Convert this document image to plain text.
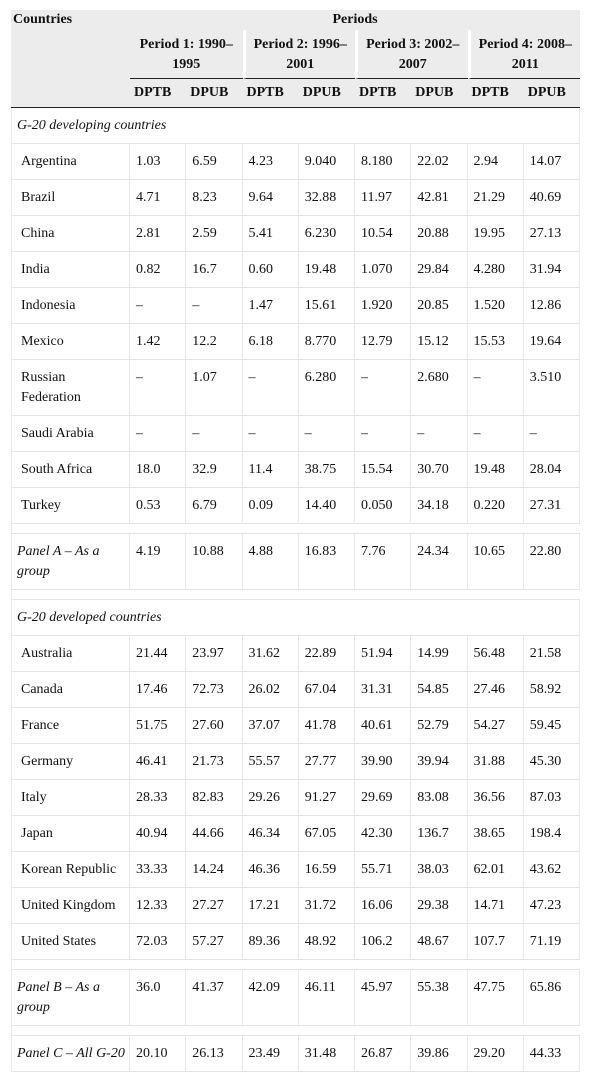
Countries	Periods							
	Period 1: 1990–1995		Period 2: 1996–2001		Period 3: 2002–2007		Period 4: 2008–2011	
	DPTB	DPUB	DPTB	DPUB	DPTB	DPUB	DPTB	DPUB
G-20 developing countries								
Argentina	1.03	6.59	4.23	9.040	8.180	22.02	2.94	14.07
Brazil	4.71	8.23	9.64	32.88	11.97	42.81	21.29	40.69
China	2.81	2.59	5.41	6.230	10.54	20.88	19.95	27.13
India	0.82	16.7	0.60	19.48	1.070	29.84	4.280	31.94
Indonesia	–	–	1.47	15.61	1.920	20.85	1.520	12.86
Mexico	1.42	12.2	6.18	8.770	12.79	15.12	15.53	19.64
Russian Federation	–	1.07	–	6.280	–	2.680	–	3.510
Saudi Arabia	–	–	–	–	–	–	–	–
South Africa	18.0	32.9	11.4	38.75	15.54	30.70	19.48	28.04
Turkey	0.53	6.79	0.09	14.40	0.050	34.18	0.220	27.31

Panel A – As a group	4.19	10.88	4.88	16.83	7.76	24.34	10.65	22.80

G-20 developed countries								
Australia	21.44	23.97	31.62	22.89	51.94	14.99	56.48	21.58
Canada	17.46	72.73	26.02	67.04	31.31	54.85	27.46	58.92
France	51.75	27.60	37.07	41.78	40.61	52.79	54.27	59.45
Germany	46.41	21.73	55.57	27.77	39.90	39.94	31.88	45.30
Italy	28.33	82.83	29.26	91.27	29.69	83.08	36.56	87.03
Japan	40.94	44.66	46.34	67.05	42.30	136.7	38.65	198.4
Korean Republic	33.33	14.24	46.36	16.59	55.71	38.03	62.01	43.62
United Kingdom	12.33	27.27	17.21	31.72	16.06	29.38	14.71	47.23
United States	72.03	57.27	89.36	48.92	106.2	48.67	107.7	71.19

Panel B – As a group	36.0	41.37	42.09	46.11	45.97	55.38	47.75	65.86

Panel C – All G-20	20.10	26.13	23.49	31.48	26.87	39.86	29.20	44.33
